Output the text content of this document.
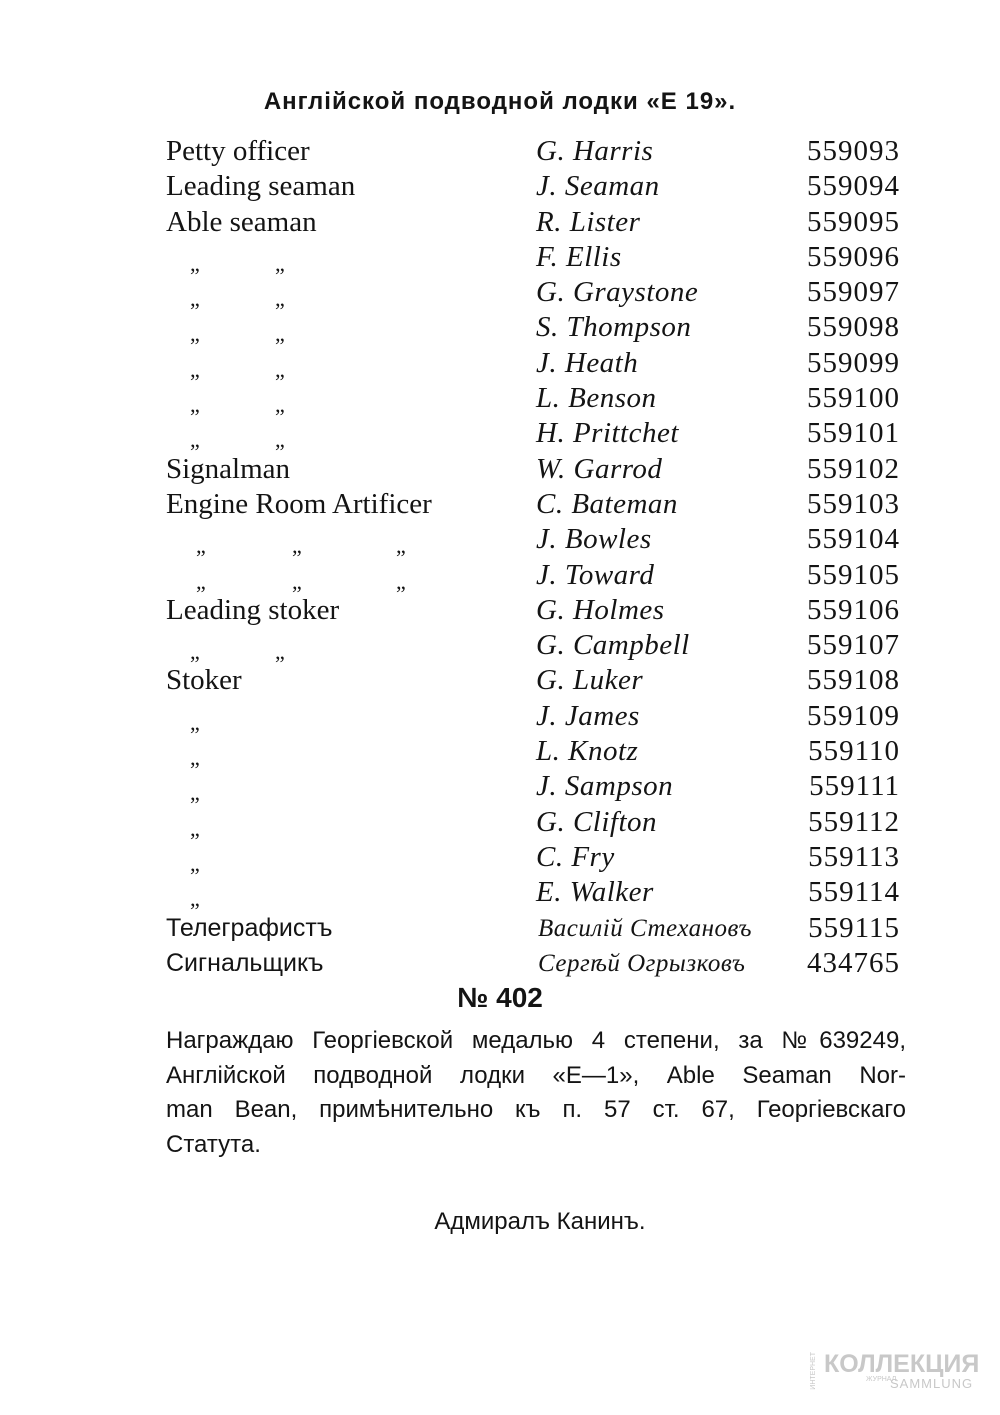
Англійской подводной лодки «Е 19».
Petty officer	G. Harris	559093
Leading seaman	J. Seaman	559094
Able seaman	R. Lister	559095
„	„	F. Ellis	559096
„	„	G. Graystone	559097
„	„	S. Thompson	559098
„	„	J. Heath	559099
„	„	L. Benson	559100
„	„	H. Prittchet	559101
Signalman	W. Garrod	559102
Engine Room Artificer	C. Bateman	559103
„	„	„	J. Bowles	559104
„	„	„	J. Toward	559105
Leading stoker	G. Holmes	559106
„	„	G. Campbell	559107
Stoker	G. Luker	559108
„	J. James	559109
„	L. Knotz	559110
„	J. Sampson	559111
„	G. Clifton	559112
„	C. Fry	559113
„	E. Walker	559114
Телеграфистъ	Василій Стехановъ 559115
Сигнальщикъ	Сергѣй Огрызковъ 434765
№ 402
Награждаю Георгіевской медалью 4 степени, за №639249,
Англійской подводной лодки «Е—1», Able Seaman Nor-
man Bean, примѣнительно къ п. 57 ст. 67, Георгіевскаго
Статута.
Адмиралъ Канинъ.
ИНТЕРНЕТ КОЛЛЕКЦИЯ
ЖУРНАЛ
SAMMLUNG
